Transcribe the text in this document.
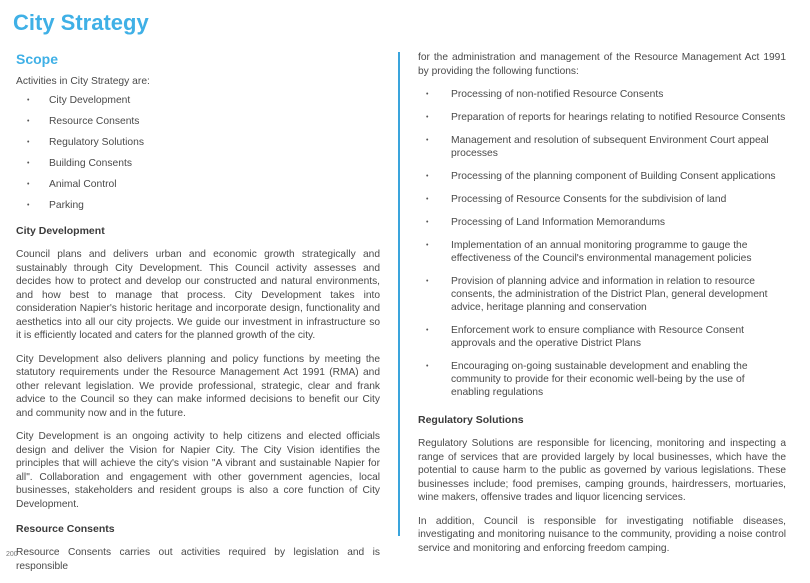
City Strategy
Scope

Activities in City Strategy are:

• City Development
• Resource Consents
• Regulatory Solutions
• Building Consents
• Animal Control
• Parking
City Development

Council plans and delivers urban and economic growth strategically and sustainably through City Development. This Council activity assesses and decides how to protect and develop our constructed and natural environments, and how best to manage that process. City Development takes into consideration Napier's historic heritage and incorporate design, functionality and aesthetics into all our city projects. We guide our investment in infrastructure so it is efficiently located and caters for the planned growth of the city.

City Development also delivers planning and policy functions by meeting the statutory requirements under the Resource Management Act 1991 (RMA) and other relevant legislation. We provide professional, strategic, clear and frank advice to the Council so they can make informed decisions to benefit our City and community now and in the future.

City Development is an ongoing activity to help citizens and elected officials design and deliver the Vision for Napier City. The City Vision identifies the principles that will achieve the city's vision "A vibrant and sustainable Napier for all". Collaboration and engagement with other government agencies, local businesses, stakeholders and resident groups is also a core function of City Development.

Resource Consents

Resource Consents carries out activities required by legislation and is responsible

for the administration and management of the Resource Management Act 1991 by providing the following functions:

• Processing of non-notified Resource Consents
• Preparation of reports for hearings relating to notified Resource Consents
• Management and resolution of subsequent Environment Court appeal processes
• Processing of the planning component of Building Consent applications
• Processing of Resource Consents for the subdivision of land
• Processing of Land Information Memorandums
• Implementation of an annual monitoring programme to gauge the effectiveness of the Council's environmental management policies
• Provision of planning advice and information in relation to resource consents, the administration of the District Plan, general development advice, heritage planning and conservation
• Enforcement work to ensure compliance with Resource Consent approvals and the operative District Plans
• Encouraging on-going sustainable development and enabling the community to provide for their economic well-being by the use of enabling regulations
Regulatory Solutions

Regulatory Solutions are responsible for licencing, monitoring and inspecting a range of services that are provided largely by local businesses, which have the potential to cause harm to the public as governed by various legislations. These businesses include; food premises, camping grounds, hairdressers, mortuaries, wine makers, offensive trades and liquor licencing services.

In addition, Council is responsible for investigating notifiable diseases, investigating and monitoring nuisance to the community, providing a noise control service and monitoring and enforcing freedom camping.

200
